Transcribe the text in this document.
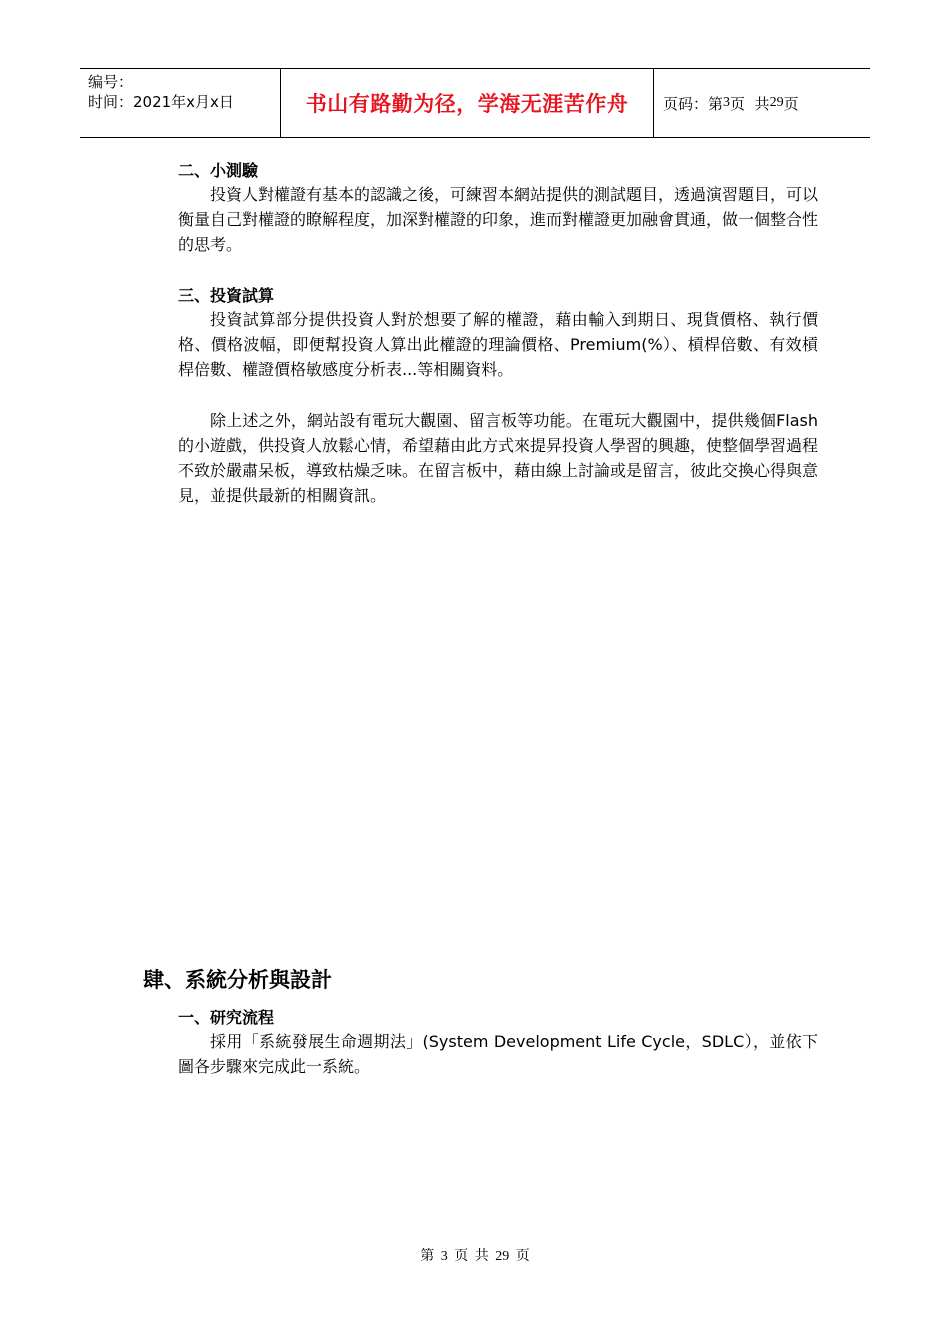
编号：
时间：2021年x月x日	书山有路勤为径，学海无涯苦作舟	页码：第 3 页  共 29 页
二、小測驗

投資人對權證有基本的認識之後，可練習本網站提供的測試題目，透過演習題目，可以衡量自己對權證的瞭解程度，加深對權證的印象，進而對權證更加融會貫通，做一個整合性的思考。

三、投資試算

投資試算部分提供投資人對於想要了解的權證，藉由輸入到期日、現貨價格、執行價格、價格波幅，即便幫投資人算出此權證的理論價格、Premium(%）、槓桿倍數、有效槓桿倍數、權證價格敏感度分析表...等相關資料。

除上述之外，網站設有電玩大觀園、留言板等功能。在電玩大觀園中，提供幾個Flash的小遊戲，供投資人放鬆心情，希望藉由此方式來提昇投資人學習的興趣，使整個學習過程不致於嚴肅呆板，導致枯燥乏味。在留言板中，藉由線上討論或是留言，彼此交換心得與意見，並提供最新的相關資訊。

肆、系統分析與設計
一、研究流程

採用「系統發展生命週期法」(System Development Life Cycle，SDLC），並依下圖各步驟來完成此一系統。

第 3 页 共 29 页
